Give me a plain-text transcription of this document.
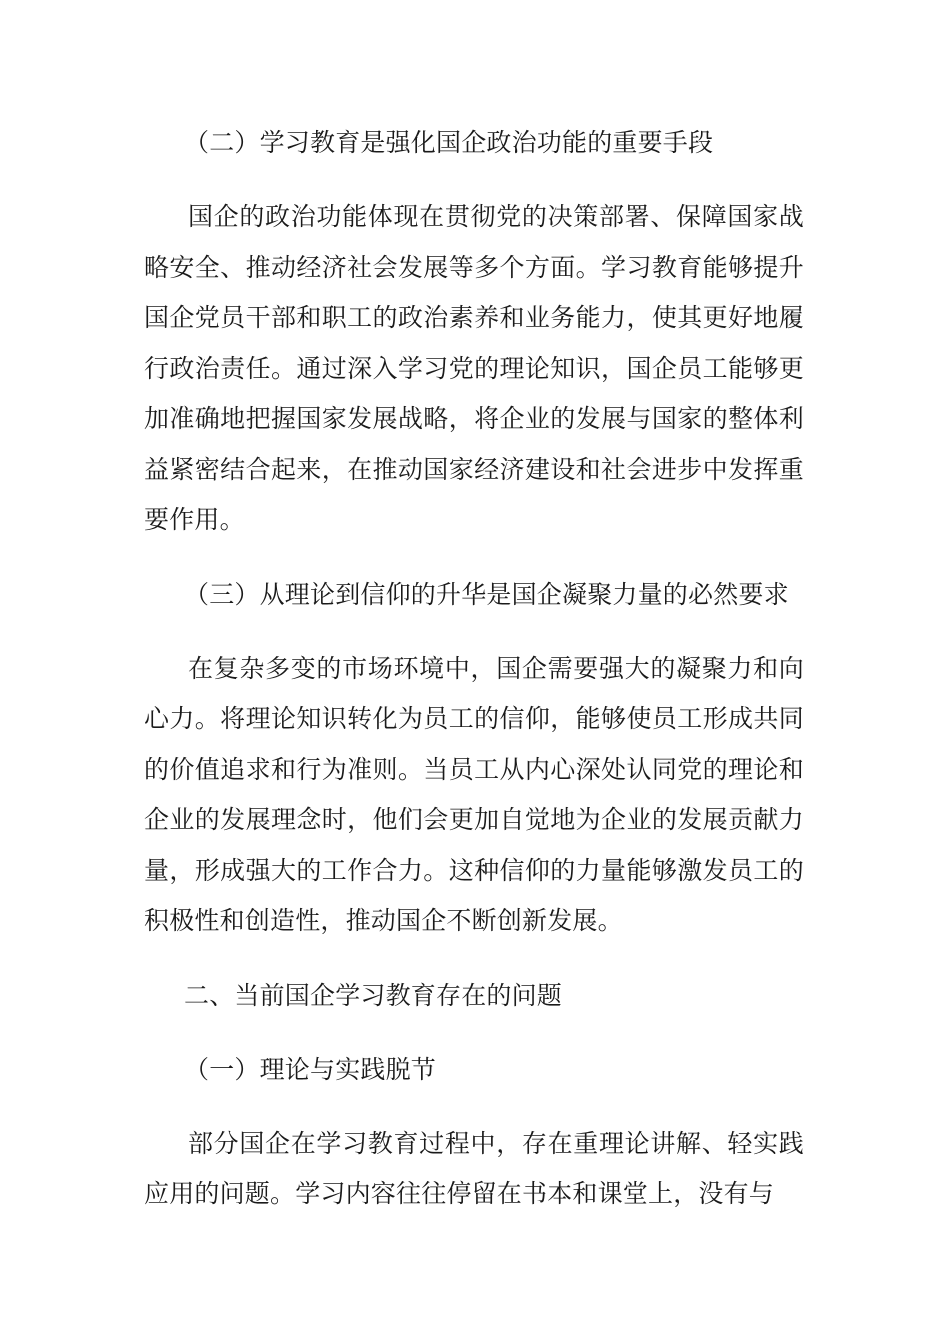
（二）学习教育是强化国企政治功能的重要手段

国企的政治功能体现在贯彻党的决策部署、保障国家战略安全、推动经济社会发展等多个方面。学习教育能够提升国企党员干部和职工的政治素养和业务能力，使其更好地履行政治责任。通过深入学习党的理论知识，国企员工能够更加准确地把握国家发展战略，将企业的发展与国家的整体利益紧密结合起来，在推动国家经济建设和社会进步中发挥重要作用。

（三）从理论到信仰的升华是国企凝聚力量的必然要求

在复杂多变的市场环境中，国企需要强大的凝聚力和向心力。将理论知识转化为员工的信仰，能够使员工形成共同的价值追求和行为准则。当员工从内心深处认同党的理论和企业的发展理念时，他们会更加自觉地为企业的发展贡献力量，形成强大的工作合力。这种信仰的力量能够激发员工的积极性和创造性，推动国企不断创新发展。

二、当前国企学习教育存在的问题

（一）理论与实践脱节

部分国企在学习教育过程中，存在重理论讲解、轻实践应用的问题。学习内容往往停留在书本和课堂上，没有与
